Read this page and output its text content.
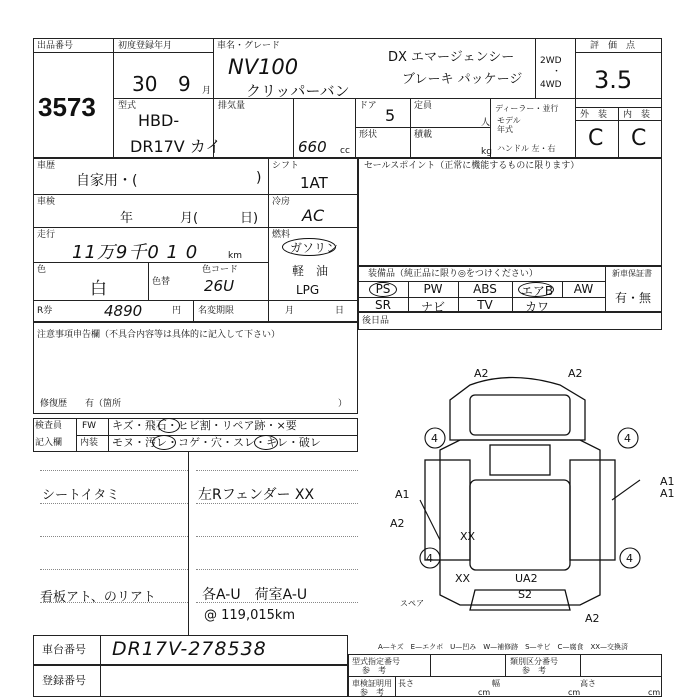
出品番号
3573
初度登録年月
30 9 月
車名・グレード
NV100
クリッパーバン
DX エマージェンシー
ブレーキ パッケージ
2WD
・
4WD
評　価　点
3.5
外　装 内　装
C C
型式
HBD-
DR17V カイ
排気量
660 cc
ドア 5
形状
定員
人
積載
kg
ディーラー・並行
モデル
年式
ハンドル 左・右
車歴
自家用・(	)
シフト
1AT
車検
年	月(	日)
冷房
AC
走行
11万9千0 1 0	km
燃料
ガソリン
軽　油
LPG
色
白	色替
色コード
26U
R券	4890	円 名変期限	月	日
セールスポイント（正常に機能するものに限ります）
装備品（純正品に限り◎をつけください）	新車保証書
有・無
PS	PW	ABS	エアB	AW
SR	ナビ	TV	カワ
後日品
注意事項申告欄（不具合内容等は具体的に記入して下さい）
修復歴　　有（箇所	）
検査員
記入欄
FW
内装
キズ・飛石・ヒビ割・リペア跡・×要
モヌ・汚レ・コゲ・穴・スレ・キレ・破レ
シートイタミ	左Rフェンダー XX
看板アト、のリアト	各A-U　荷室A-U
@ 119,015km
A2	A2
4	4
A1
A2
XX
4	4
XX	UA2
S2
A2
A1
A1
スペア
車台番号 DR17V-278538
登録番号
A—キズ　E—エクボ　U—凹み　W—補修跡　S—サビ　C—腐食　XX—交換済
型式指定番号
参　考
類別区分番号
参　考
車検証明用
参　考
長さ
cm
幅
cm
高さ
cm
